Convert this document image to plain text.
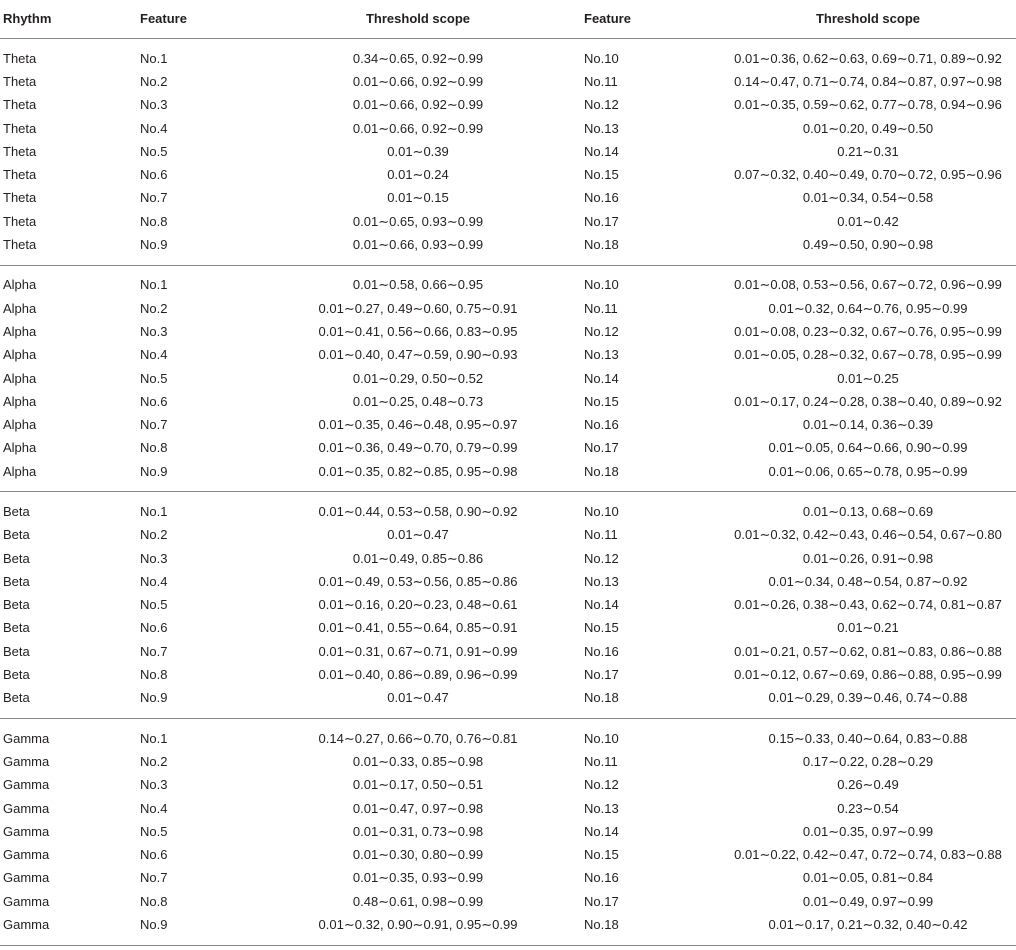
Rhythm	Feature	Threshold scope	Feature	Threshold scope
Theta	No.1	0.34∼0.65, 0.92∼0.99	No.10	0.01∼0.36, 0.62∼0.63, 0.69∼0.71, 0.89∼0.92
Theta	No.2	0.01∼0.66, 0.92∼0.99	No.11	0.14∼0.47, 0.71∼0.74, 0.84∼0.87, 0.97∼0.98
Theta	No.3	0.01∼0.66, 0.92∼0.99	No.12	0.01∼0.35, 0.59∼0.62, 0.77∼0.78, 0.94∼0.96
Theta	No.4	0.01∼0.66, 0.92∼0.99	No.13	0.01∼0.20, 0.49∼0.50
Theta	No.5	0.01∼0.39	No.14	0.21∼0.31
Theta	No.6	0.01∼0.24	No.15	0.07∼0.32, 0.40∼0.49, 0.70∼0.72, 0.95∼0.96
Theta	No.7	0.01∼0.15	No.16	0.01∼0.34, 0.54∼0.58
Theta	No.8	0.01∼0.65, 0.93∼0.99	No.17	0.01∼0.42
Theta	No.9	0.01∼0.66, 0.93∼0.99	No.18	0.49∼0.50, 0.90∼0.98
Alpha	No.1	0.01∼0.58, 0.66∼0.95	No.10	0.01∼0.08, 0.53∼0.56, 0.67∼0.72, 0.96∼0.99
Alpha	No.2	0.01∼0.27, 0.49∼0.60, 0.75∼0.91	No.11	0.01∼0.32, 0.64∼0.76, 0.95∼0.99
Alpha	No.3	0.01∼0.41, 0.56∼0.66, 0.83∼0.95	No.12	0.01∼0.08, 0.23∼0.32, 0.67∼0.76, 0.95∼0.99
Alpha	No.4	0.01∼0.40, 0.47∼0.59, 0.90∼0.93	No.13	0.01∼0.05, 0.28∼0.32, 0.67∼0.78, 0.95∼0.99
Alpha	No.5	0.01∼0.29, 0.50∼0.52	No.14	0.01∼0.25
Alpha	No.6	0.01∼0.25, 0.48∼0.73	No.15	0.01∼0.17, 0.24∼0.28, 0.38∼0.40, 0.89∼0.92
Alpha	No.7	0.01∼0.35, 0.46∼0.48, 0.95∼0.97	No.16	0.01∼0.14, 0.36∼0.39
Alpha	No.8	0.01∼0.36, 0.49∼0.70, 0.79∼0.99	No.17	0.01∼0.05, 0.64∼0.66, 0.90∼0.99
Alpha	No.9	0.01∼0.35, 0.82∼0.85, 0.95∼0.98	No.18	0.01∼0.06, 0.65∼0.78, 0.95∼0.99
Beta	No.1	0.01∼0.44, 0.53∼0.58, 0.90∼0.92	No.10	0.01∼0.13, 0.68∼0.69
Beta	No.2	0.01∼0.47	No.11	0.01∼0.32, 0.42∼0.43, 0.46∼0.54, 0.67∼0.80
Beta	No.3	0.01∼0.49, 0.85∼0.86	No.12	0.01∼0.26, 0.91∼0.98
Beta	No.4	0.01∼0.49, 0.53∼0.56, 0.85∼0.86	No.13	0.01∼0.34, 0.48∼0.54, 0.87∼0.92
Beta	No.5	0.01∼0.16, 0.20∼0.23, 0.48∼0.61	No.14	0.01∼0.26, 0.38∼0.43, 0.62∼0.74, 0.81∼0.87
Beta	No.6	0.01∼0.41, 0.55∼0.64, 0.85∼0.91	No.15	0.01∼0.21
Beta	No.7	0.01∼0.31, 0.67∼0.71, 0.91∼0.99	No.16	0.01∼0.21, 0.57∼0.62, 0.81∼0.83, 0.86∼0.88
Beta	No.8	0.01∼0.40, 0.86∼0.89, 0.96∼0.99	No.17	0.01∼0.12, 0.67∼0.69, 0.86∼0.88, 0.95∼0.99
Beta	No.9	0.01∼0.47	No.18	0.01∼0.29, 0.39∼0.46, 0.74∼0.88
Gamma	No.1	0.14∼0.27, 0.66∼0.70, 0.76∼0.81	No.10	0.15∼0.33, 0.40∼0.64, 0.83∼0.88
Gamma	No.2	0.01∼0.33, 0.85∼0.98	No.11	0.17∼0.22, 0.28∼0.29
Gamma	No.3	0.01∼0.17, 0.50∼0.51	No.12	0.26∼0.49
Gamma	No.4	0.01∼0.47, 0.97∼0.98	No.13	0.23∼0.54
Gamma	No.5	0.01∼0.31, 0.73∼0.98	No.14	0.01∼0.35, 0.97∼0.99
Gamma	No.6	0.01∼0.30, 0.80∼0.99	No.15	0.01∼0.22, 0.42∼0.47, 0.72∼0.74, 0.83∼0.88
Gamma	No.7	0.01∼0.35, 0.93∼0.99	No.16	0.01∼0.05, 0.81∼0.84
Gamma	No.8	0.48∼0.61, 0.98∼0.99	No.17	0.01∼0.49, 0.97∼0.99
Gamma	No.9	0.01∼0.32, 0.90∼0.91, 0.95∼0.99	No.18	0.01∼0.17, 0.21∼0.32, 0.40∼0.42
